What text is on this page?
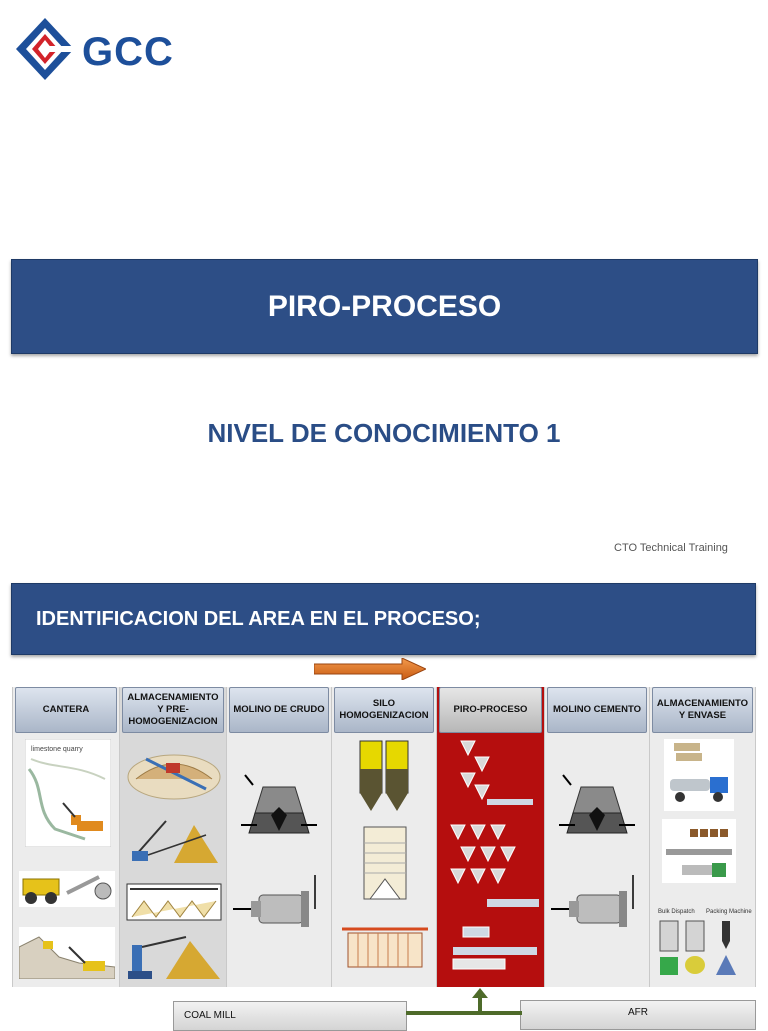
GCC
PIRO-PROCESO
NIVEL DE CONOCIMIENTO 1
CTO Technical Training
IDENTIFICACION DEL AREA EN EL PROCESO;
CANTERA
limestone quarry
ALMACENAMIENTO Y PRE-HOMOGENIZACION
MOLINO DE CRUDO
SILO HOMOGENIZACION
PIRO-PROCESO	MOLINO CEMENTO
ALMACENAMIENTO Y ENVASE
Bulk Dispatch Packing Machine
COAL MILL	AFR
